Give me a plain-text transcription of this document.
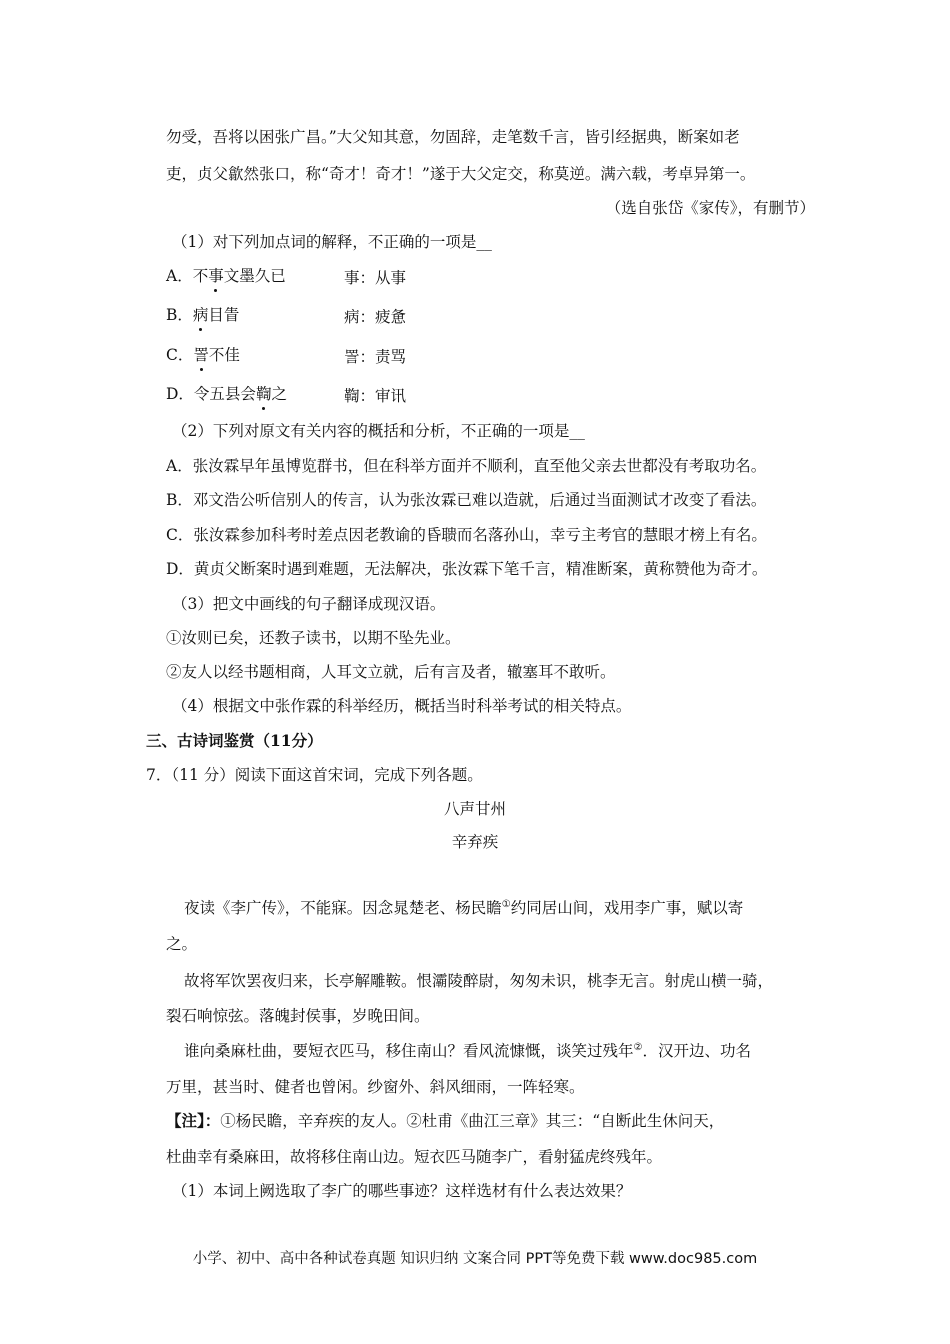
勿受，吾将以困张广昌。”大父知其意，勿固辞，走笔数千言，皆引经据典，断案如老
吏，贞父歙然张口，称“奇才！奇才！”遂于大父定交，称莫逆。满六载，考卓异第一。
（选自张岱《家传》，有删节）
（1）对下列加点词的解释，不正确的一项是__
A．不事文墨久已	事：从事
B．病目眚	病：疲惫
C．詈不佳	詈：责骂
D．令五县会鞫之	鞫：审讯
（2）下列对原文有关内容的概括和分析，不正确的一项是__
A．张汝霖早年虽博览群书，但在科举方面并不顺利，直至他父亲去世都没有考取功名。
B．邓文浩公听信别人的传言，认为张汝霖已难以造就，后通过当面测试才改变了看法。
C．张汝霖参加科考时差点因老教谕的昏聩而名落孙山，幸亏主考官的慧眼才榜上有名。
D．黄贞父断案时遇到难题，无法解决，张汝霖下笔千言，精准断案，黄称赞他为奇才。
（3）把文中画线的句子翻译成现汉语。
①汝则已矣，还教子读书，以期不坠先业。
②友人以经书题相商，人耳文立就，后有言及者，辙塞耳不敢听。
（4）根据文中张作霖的科举经历，概括当时科举考试的相关特点。
三、古诗词鉴赏（11分）
7．（11 分）阅读下面这首宋词，完成下列各题。
八声甘州
辛弃疾
夜读《李广传》，不能寐。因念晁楚老、杨民瞻①约同居山间，戏用李广事，赋以寄
之。
故将军饮罢夜归来，长亭解雕鞍。恨灞陵醉尉，匆匆未识，桃李无言。射虎山横一骑，
裂石响惊弦。落魄封侯事，岁晚田间。
谁向桑麻杜曲，要短衣匹马，移住南山？看风流慷慨，谈笑过残年②．汉开边、功名
万里，甚当时、健者也曾闲。纱窗外、斜风细雨，一阵轻寒。
【注】：①杨民瞻，辛弃疾的友人。②杜甫《曲江三章》其三：“自断此生休问天，
杜曲幸有桑麻田，故将移住南山边。短衣匹马随李广，看射猛虎终残年。
（1）本词上阙选取了李广的哪些事迹？这样选材有什么表达效果？
小学、初中、高中各种试卷真题 知识归纳 文案合同 PPT等免费下载 www.doc985.com
